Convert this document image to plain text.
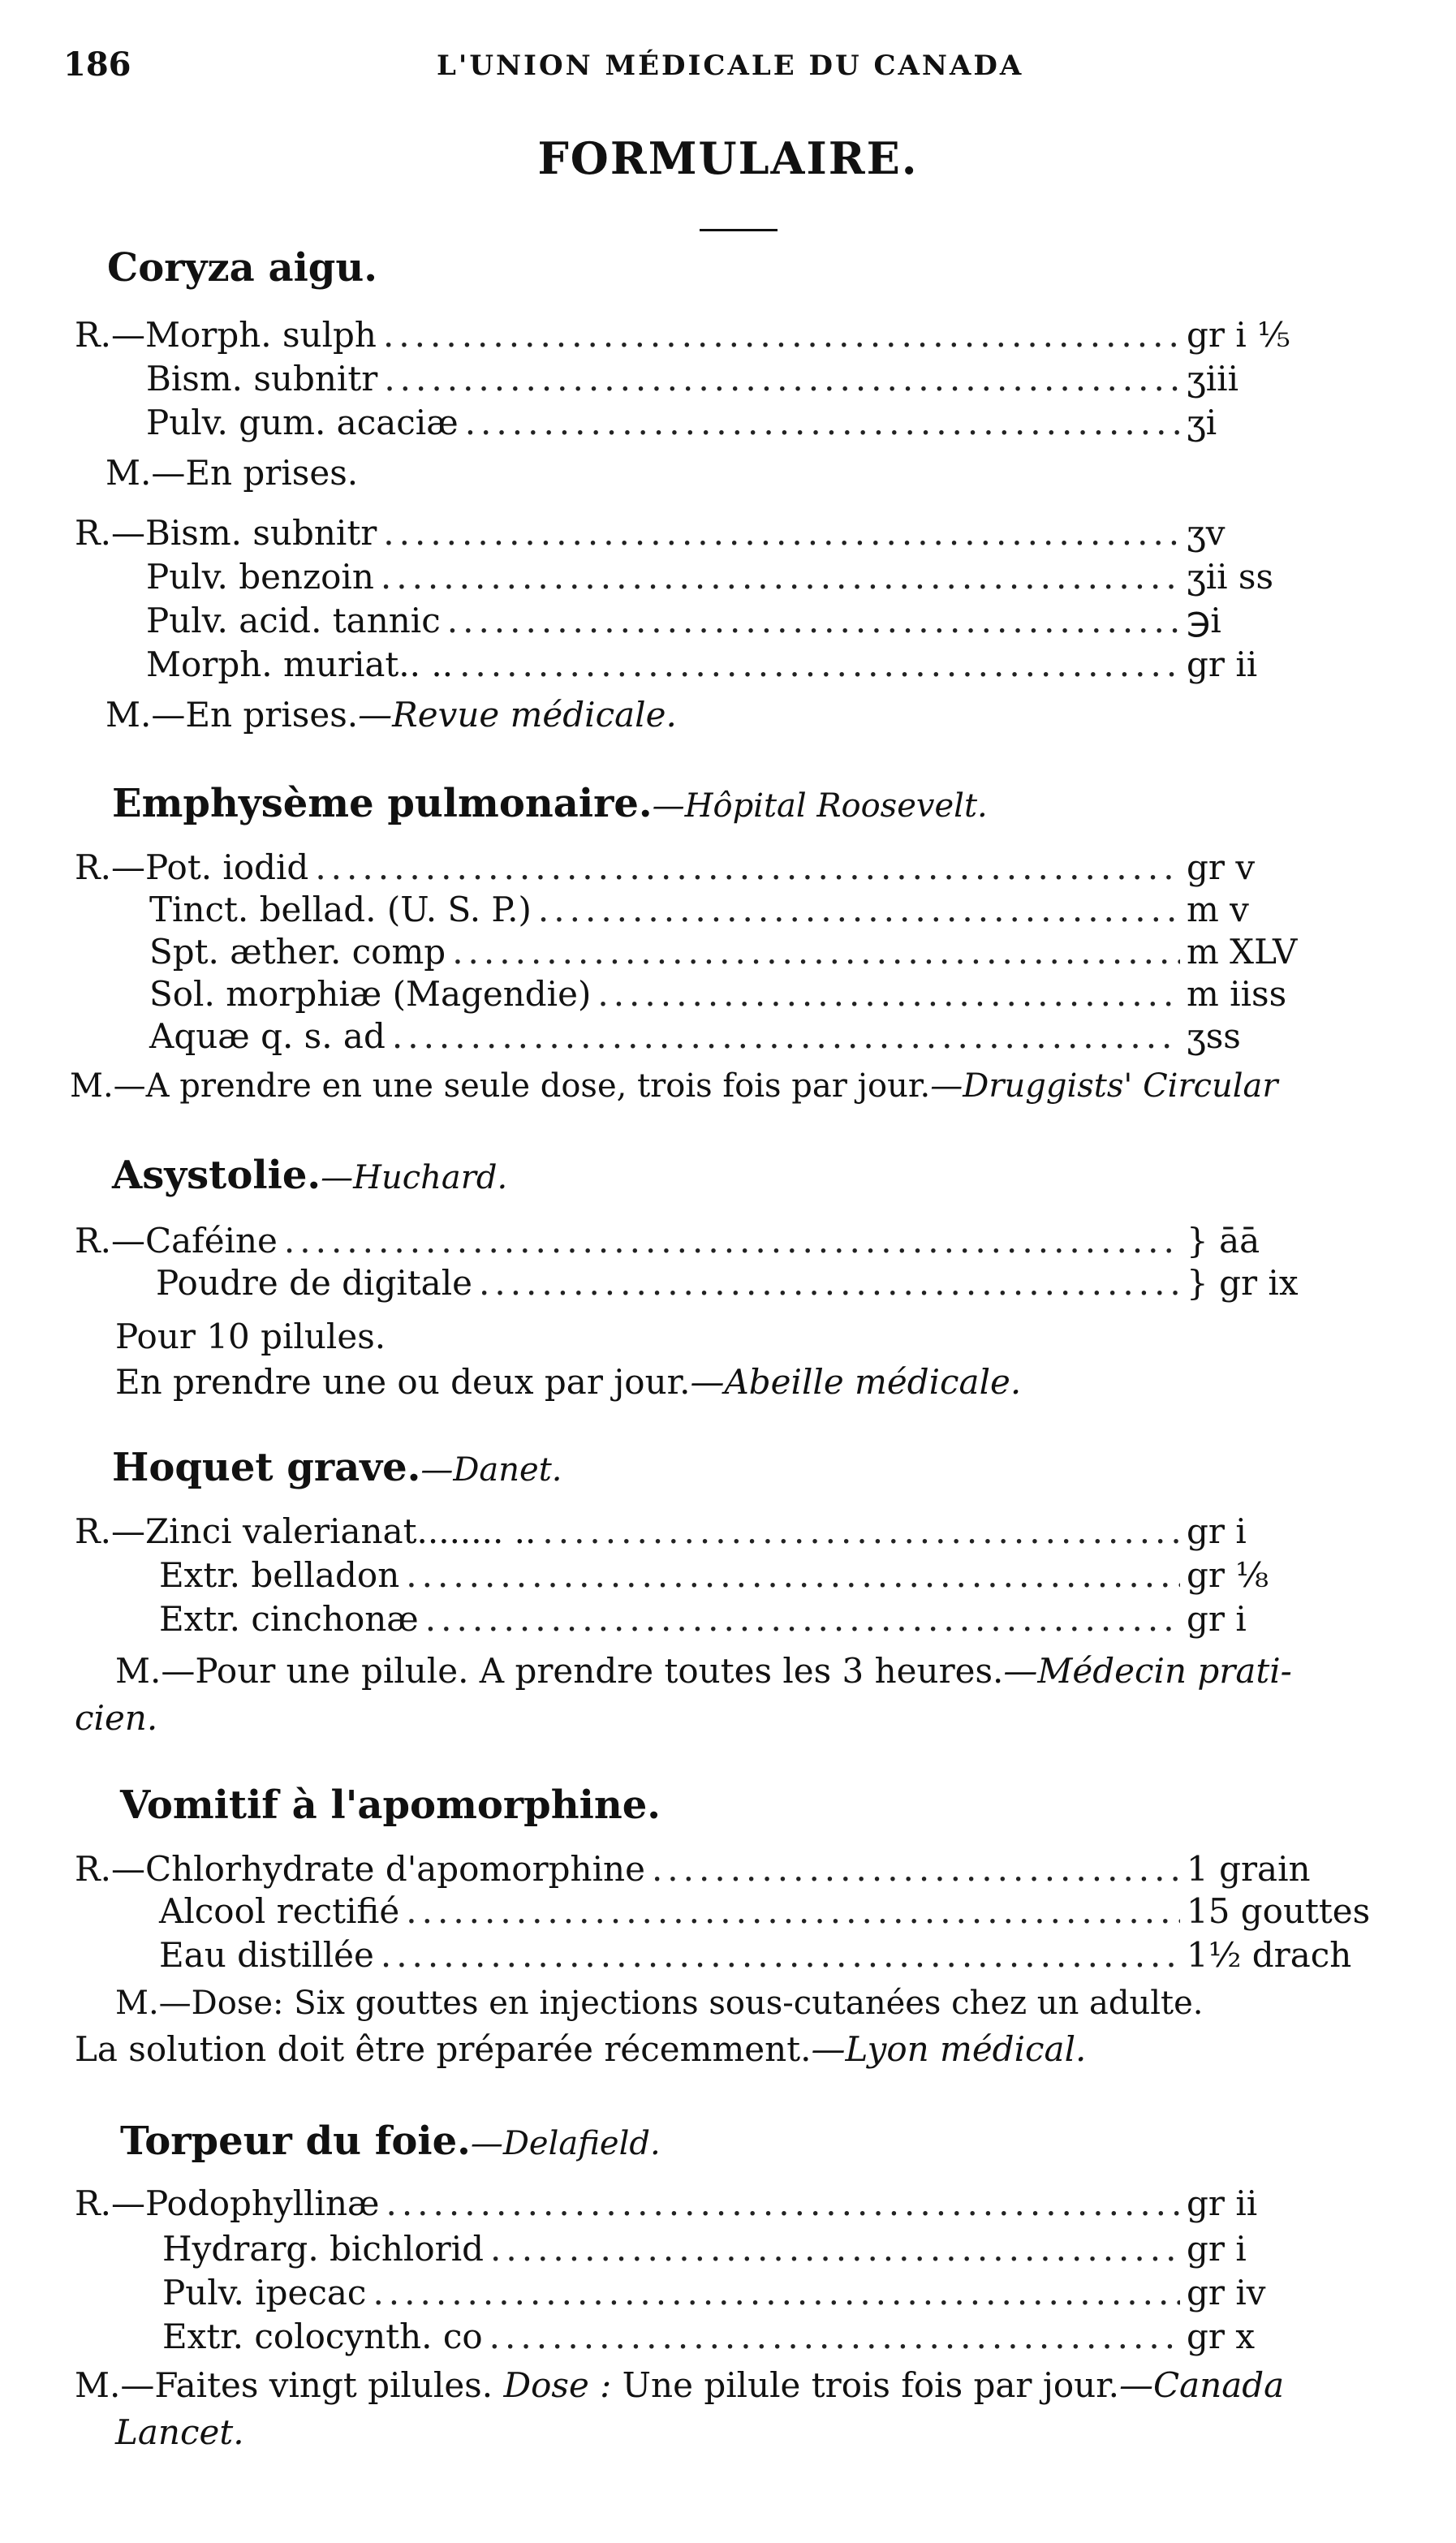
186	L'UNION MÉDICALE DU CANADA
FORMULAIRE.
Coryza aigu.
R.—Morph. sulph .....	gr i ⅕
Bism. subnitr .....	ʒiii
Pulv. gum. acaciæ .....	ʒi
M.—En prises.
R.—Bism. subnitr .....	ʒv
Pulv. benzoin .....	ʒii ss
Pulv. acid. tannic .....	℈i
Morph. muriat.. .. .....	gr ii
M.—En prises.—Revue médicale.
Emphysème pulmonaire.—Hôpital Roosevelt.
R.—Pot. iodid .....	gr v
Tinct. bellad. (U. S. P.) .....	m v
Spt. æther. comp .....	m XLV
Sol. morphiæ (Magendie) .....	m iiss
Aquæ q. s. ad .....	ʒss
M.—A prendre en une seule dose, trois fois par jour.—Druggists' Circular
Asystolie.—Huchard.
R.—Caféine .....	} āā
Poudre de digitale .....	} gr ix
Pour 10 pilules.
En prendre une ou deux par jour.—Abeille médicale.
Hoquet grave.—Danet.
R.—Zinci valerianat........ .. .....	gr i
Extr. belladon .....	gr ⅛
Extr. cinchonæ .....	gr i
M.—Pour une pilule. A prendre toutes les 3 heures.—Médecin prati-
cien.
Vomitif à l'apomorphine.
R.—Chlorhydrate d'apomorphine .....	1 grain
Alcool rectifié .....	15 gouttes
Eau distillée .....	1½ drach
M.—Dose: Six gouttes en injections sous-cutanées chez un adulte.
La solution doit être préparée récemment.—Lyon médical.
Torpeur du foie.—Delafield.
R.—Podophyllinæ .....	gr ii
Hydrarg. bichlorid .....	gr i
Pulv. ipecac .....	gr iv
Extr. colocynth. co .....	gr x
M.—Faites vingt pilules. Dose : Une pilule trois fois par jour.—Canada
Lancet.
